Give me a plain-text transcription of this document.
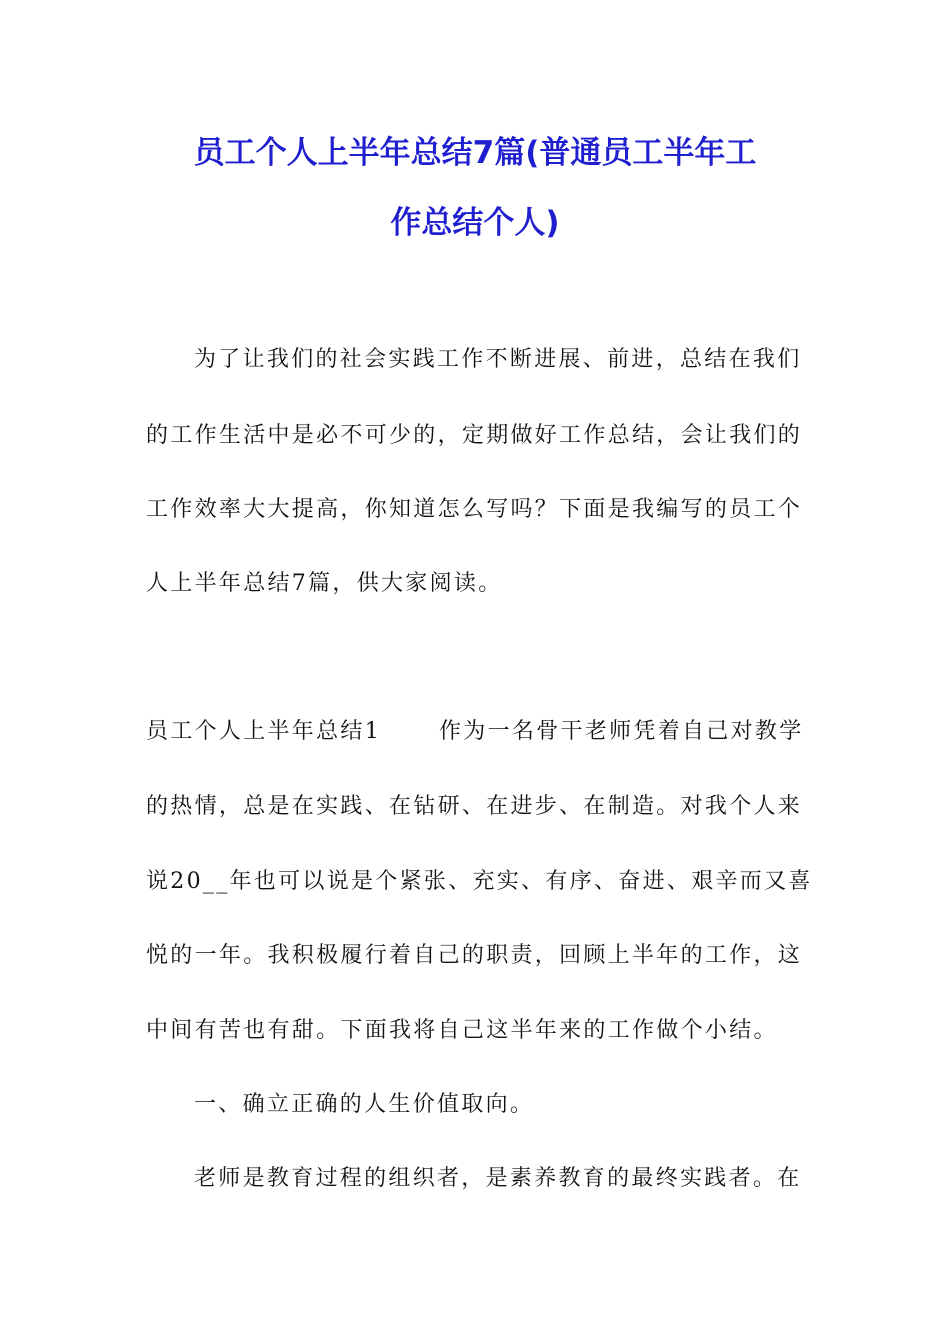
员工个人上半年总结7篇(普通员工半年工
作总结个人)
为了让我们的社会实践工作不断进展、前进，总结在我们
的工作生活中是必不可少的，定期做好工作总结，会让我们的
工作效率大大提高，你知道怎么写吗？下面是我编写的员工个
人上半年总结7篇，供大家阅读。
员工个人上半年总结1	作为一名骨干老师凭着自己对教学
的热情，总是在实践、在钻研、在进步、在制造。对我个人来
说20__年也可以说是个紧张、充实、有序、奋进、艰辛而又喜
悦的一年。我积极履行着自己的职责，回顾上半年的工作，这
中间有苦也有甜。下面我将自己这半年来的工作做个小结。
一、确立正确的人生价值取向。
老师是教育过程的组织者，是素养教育的最终实践者。在
